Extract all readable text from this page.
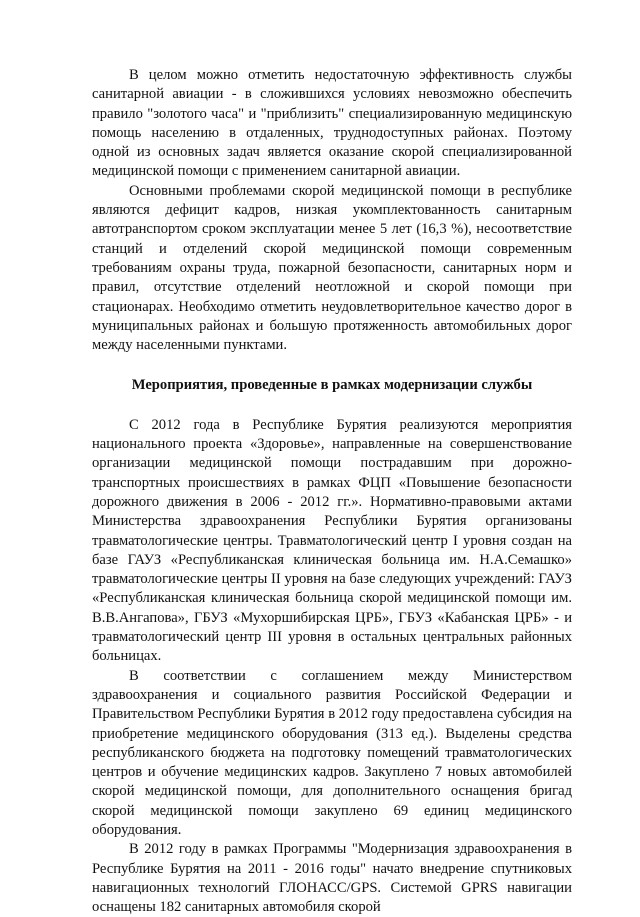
В целом можно отметить недостаточную эффективность службы санитарной авиации - в сложившихся условиях невозможно обеспечить правило "золотого часа" и "приблизить" специализированную медицинскую помощь населению в отдаленных, труднодоступных районах. Поэтому одной из основных задач является оказание скорой специализированной медицинской помощи с применением санитарной авиации.

Основными проблемами скорой медицинской помощи в республике являются дефицит кадров, низкая укомплектованность санитарным автотранспортом сроком эксплуатации менее 5 лет (16,3 %), несоответствие станций и отделений скорой медицинской помощи современным требованиям охраны труда, пожарной безопасности, санитарных норм и правил, отсутствие отделений неотложной и скорой помощи при стационарах. Необходимо отметить неудовлетворительное качество дорог в муниципальных районах и большую протяженность автомобильных дорог между населенными пунктами.

Мероприятия, проведенные в рамках модернизации службы

С 2012 года в Республике Бурятия реализуются мероприятия национального проекта «Здоровье», направленные на совершенствование организации медицинской помощи пострадавшим при дорожно-транспортных происшествиях в рамках ФЦП «Повышение безопасности дорожного движения в 2006 - 2012 гг.». Нормативно-правовыми актами Министерства здравоохранения Республики Бурятия организованы травматологические центры. Травматологический центр I уровня создан на базе ГАУЗ «Республиканская клиническая больница им. Н.А.Семашко» травматологические центры II уровня на базе следующих учреждений: ГАУЗ «Республиканская клиническая больница скорой медицинской помощи им. В.В.Ангапова», ГБУЗ «Мухоршибирская ЦРБ», ГБУЗ «Кабанская ЦРБ» - и травматологический центр III уровня в остальных центральных районных больницах.

В соответствии с соглашением между Министерством здравоохранения и социального развития Российской Федерации и Правительством Республики Бурятия в 2012 году предоставлена субсидия на приобретение медицинского оборудования (313 ед.). Выделены средства республиканского бюджета на подготовку помещений травматологических центров и обучение медицинских кадров. Закуплено 7 новых автомобилей скорой медицинской помощи, для дополнительного оснащения бригад скорой медицинской помощи закуплено 69 единиц медицинского оборудования.

В 2012 году в рамках Программы "Модернизация здравоохранения в Республике Бурятия на 2011 - 2016 годы" начато внедрение спутниковых навигационных технологий ГЛОНАСС/GPS. Системой GPRS навигации оснащены 182 санитарных автомобиля скорой
